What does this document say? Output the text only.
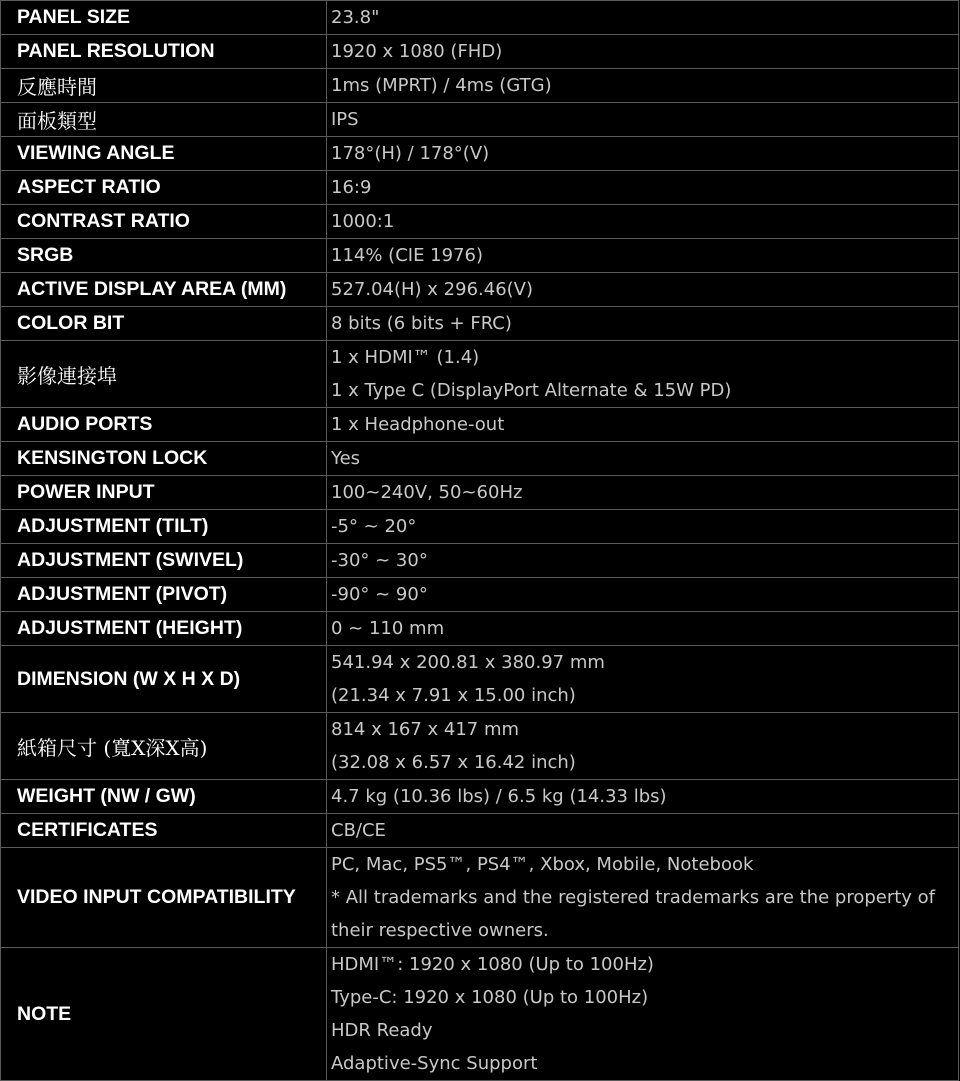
PANEL SIZE	23.8"

PANEL RESOLUTION	1920 x 1080 (FHD)

反應時間	1ms (MPRT) / 4ms (GTG)

面板類型	IPS

VIEWING ANGLE	178°(H) / 178°(V)

ASPECT RATIO	16:9

CONTRAST RATIO	1000:1

SRGB	114% (CIE 1976)

ACTIVE DISPLAY AREA (MM)	527.04(H) x 296.46(V)

COLOR BIT	8 bits (6 bits + FRC)

影像連接埠	1 x HDMI™ (1.4)
1 x Type C (DisplayPort Alternate & 15W PD)

AUDIO PORTS	1 x Headphone-out

KENSINGTON LOCK	Yes

POWER INPUT	100~240V, 50~60Hz

ADJUSTMENT (TILT)	-5° ~ 20°

ADJUSTMENT (SWIVEL)	-30° ~ 30°

ADJUSTMENT (PIVOT)	-90° ~ 90°

ADJUSTMENT (HEIGHT)	0 ~ 110 mm

DIMENSION (W X H X D)	541.94 x 200.81 x 380.97 mm
(21.34 x 7.91 x 15.00 inch)

紙箱尺寸 (寬X深X高)	814 x 167 x 417 mm
(32.08 x 6.57 x 16.42 inch)

WEIGHT (NW / GW)	4.7 kg (10.36 lbs) / 6.5 kg (14.33 lbs)

CERTIFICATES	CB/CE

VIDEO INPUT COMPATIBILITY	PC, Mac, PS5™, PS4™, Xbox, Mobile, Notebook
* All trademarks and the registered trademarks are the property of
their respective owners.

NOTE	HDMI™: 1920 x 1080 (Up to 100Hz)
Type-C: 1920 x 1080 (Up to 100Hz)
HDR Ready
Adaptive-Sync Support
